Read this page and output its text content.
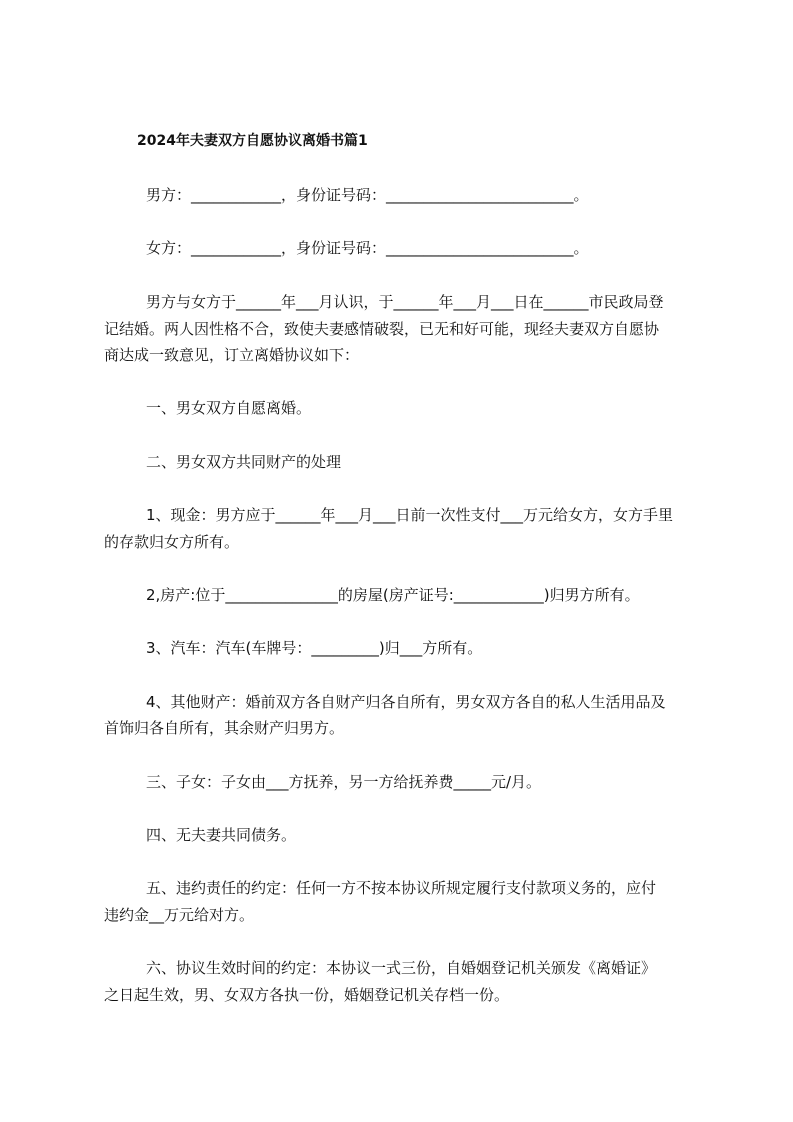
2024年夫妻双方自愿协议离婚书篇1
男方：____________，身份证号码：_________________________。
女方：____________，身份证号码：_________________________。
男方与女方于______年___月认识，于______年___月___日在______市民政局登
记结婚。两人因性格不合，致使夫妻感情破裂，已无和好可能，现经夫妻双方自愿协
商达成一致意见，订立离婚协议如下：
一、男女双方自愿离婚。
二、男女双方共同财产的处理
1、现金：男方应于______年___月___日前一次性支付___万元给女方，女方手里
的存款归女方所有。
2,房产:位于_______________的房屋(房产证号:____________)归男方所有。
3、汽车：汽车(车牌号：_________)归___方所有。
4、其他财产：婚前双方各自财产归各自所有，男女双方各自的私人生活用品及
首饰归各自所有，其余财产归男方。
三、子女：子女由___方抚养，另一方给抚养费_____元/月。
四、无夫妻共同债务。
五、违约责任的约定：任何一方不按本协议所规定履行支付款项义务的，应付
违约金__万元给对方。
六、协议生效时间的约定：本协议一式三份，自婚姻登记机关颁发《离婚证》
之日起生效，男、女双方各执一份，婚姻登记机关存档一份。
